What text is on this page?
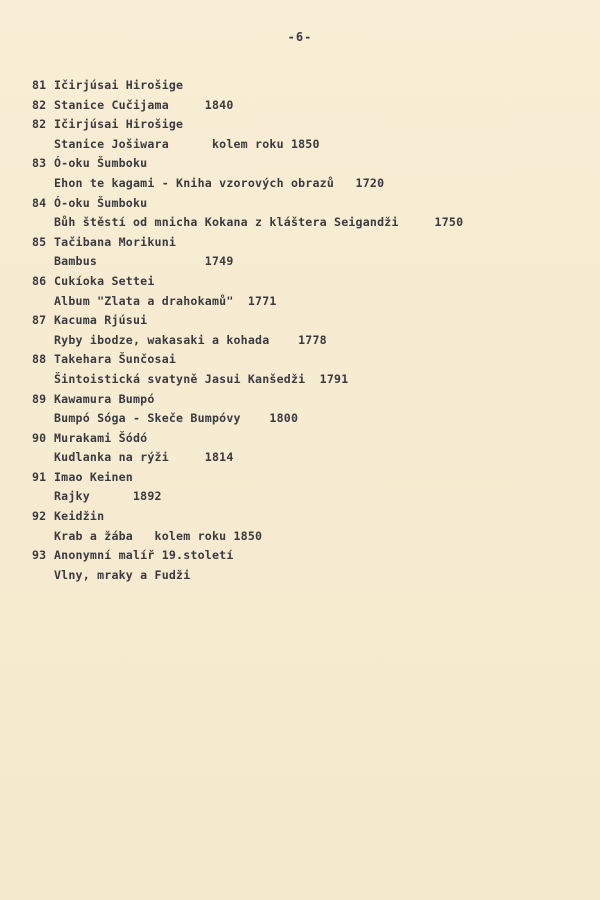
-6-
81 Ičirjúsai Hirošige
82 Stanice Cučijama     1840
82 Ičirjúsai Hirošige
Stanice Jošiwara      kolem roku 1850
83 Ó-oku Šumboku
Ehon te kagami - Kniha vzorových obrazů   1720
84 Ó-oku Šumboku
Bůh štěstí od mnicha Kokana z kláštera Seigandži     1750
85 Tačibana Morikuni
Bambus               1749
86 Cukíoka Settei
Album "Zlata a drahokamů"  1771
87 Kacuma Rjúsui
Ryby ibodze, wakasaki a kohada    1778
88 Takehara Šunčosai
Šintoistická svatyně Jasui Kanšedži  1791
89 Kawamura Bumpó
Bumpó Sóga - Skeče Bumpóvy    1800
90 Murakami Šódó
Kudlanka na rýži     1814
91 Imao Keinen
Rajky      1892
92 Keidžin
Krab a žába   kolem roku 1850
93 Anonymní malíř 19.století
Vlny, mraky a Fudži
